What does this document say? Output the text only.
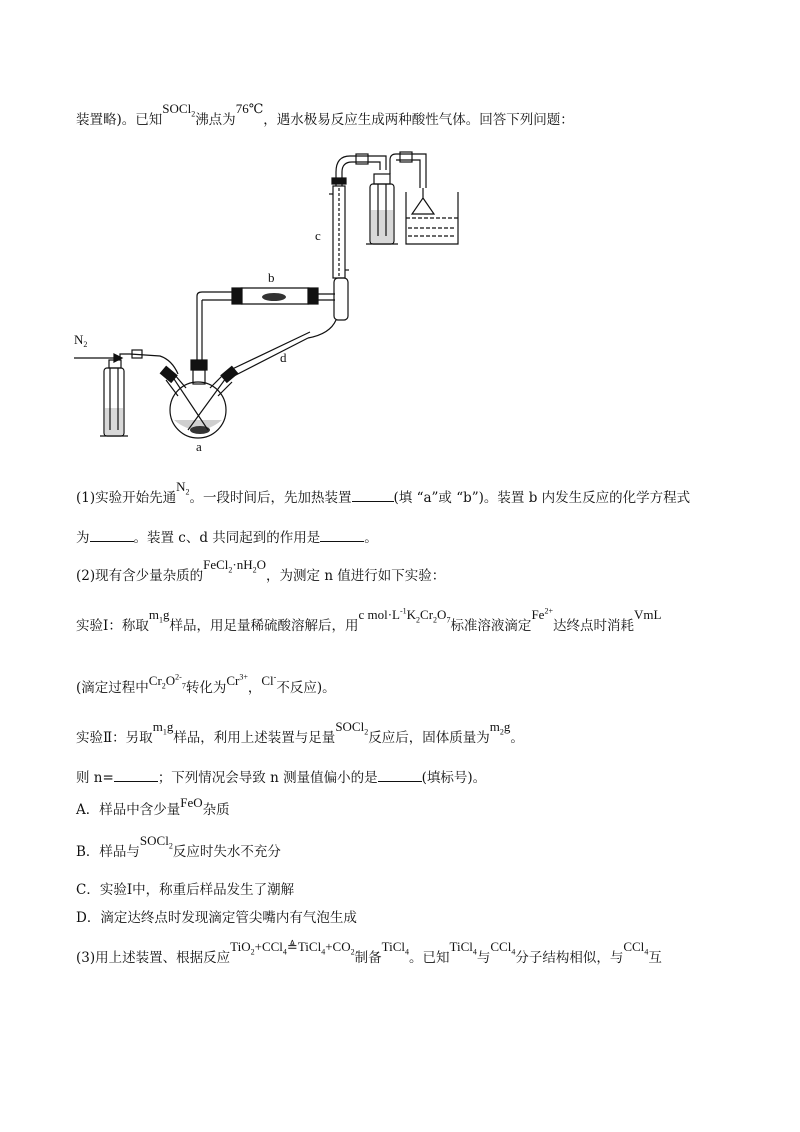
装置略)。已知SOCl$_2$沸点为76℃，遇水极易反应生成两种酸性气体。回答下列问题：
$N_2$
a
b
c
d
(1)实验开始先通$N_2$。一段时间后，先加热装置	(填 “a”或 “b”)。装置 b 内发生反应的化学方程式
为	。装置 c、d 共同起到的作用是	。
(2)现有含少量杂质的$FeCl_2\cdot nH_2O$，为测定 n 值进行如下实验：
实验Ⅰ：称取$m_1g$样品，用足量稀硫酸溶解后，用c $mol\cdot L^{-1}K_2Cr_2O_7$标准溶液滴定$Fe^{2+}$达终点时消耗VmL
(滴定过程中$Cr_2O^{2-}_7$转化为$Cr^{3+}$，Cl-不反应)。
实验Ⅱ：另取$m_1g$样品，利用上述装置与足量SOCl$_2$反应后，固体质量为$m_2g$。
则 n=	；下列情况会导致 n 测量值偏小的是	(填标号)。
A．样品中含少量FeO杂质
B．样品与SOCl$_2$反应时失水不充分
C．实验Ⅰ中，称重后样品发生了潮解
D．滴定达终点时发现滴定管尖嘴内有气泡生成
(3)用上述装置、根据反应$TiO_2+CCl_4≜TiCl_4+CO_2$制备TiCl$_4$。已知TiCl$_4$与CCl$_4$分子结构相似，与CCl$_4$互
